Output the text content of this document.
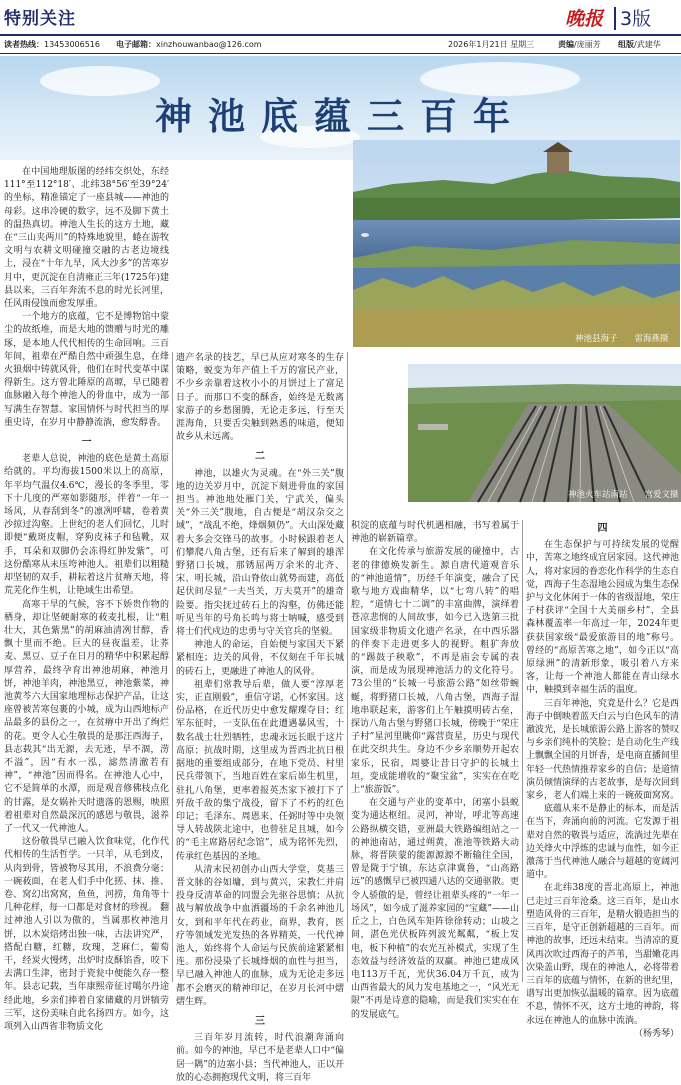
特别关注	晚报 3版
读者热线：13453006516 电子邮箱：xinzhouwanbao@126.com	2026年1月21日 星期三	责编/庞丽芳 组版/武建华
神池底蕴三百年
神池县海子　　雷海燕摄
神池火车站南站　　宫爱文摄

在中国地理版图的经纬交织处，东经111°至112°18′、北纬38°56′至39°24′的坐标，精准锚定了一座县城——神池的母彩。这串冷硬的数字，远不及脚下黄土的温热真切。神池人生长的这方土地，藏在“三山夹两川”的特殊地貌里，蜷在游牧文明与农耕文明碰撞交融的古老边境线上，浸在“十年九旱，风大沙多”的苦寒岁月中，更沉淀在自清雍正三年(1725年)建县以来，三百年奔流不息的时光长河里，任风雨侵蚀而愈发厚重。

一个地方的底蕴，它不是博物馆中蒙尘的故纸堆，而是大地的馈赠与时光的雕琢，是本地人代代相传的生命回响。三百年间，祖辈在严酷自然中顽强生息，在烽火狼烟中铸就风骨，他们在时代变革中谋得新生。这方曾北陲原的高塬，早已随着血脉融入每个神池人的骨血中，成为一部写满生存智慧、家国情怀与时代担当的厚重史诗，在岁月中静静流淌，愈发醇香。

一

老辈人总说，神池的底色是黄土高原给就的。平均海拔1500米以上的高原，年平均气温仅4.6℃，漫长的冬季里，零下十几度的严寒如影随形，伴着“一年一场风，从春刮到冬”的凛冽呼啸，卷着黄沙掠过沟壑。上世纪的老人们回忆，儿时即便“戴斑皮帽，穿狗皮袜子和毡靴，双手，耳朵和双脚仍会冻得红肿发紫”，可这份酷寒从未压垮神池人。祖辈们以粗糙却坚韧的双手，耕耘着这片贫瘠天地，将荒芜化作生机，让艳域生出希望。

高寒干旱的气候，容不下娇贵作物的栖身，却让坚硬耐寒的莜麦扎根，让“粗壮大，其色紫黑”的胡麻油清冽甘醇，香飘十里而不绝。巨大的昼夜温差，让荞麦、黑豆、豆子在日月的精华中积累起醇厚营养，最终孕育出神池胡麻，神池月饼，神池羊肉，神池黑豆，神池紫菜，神池黄芩六大国家地理标志保护产品，让这座曾被苦寒包裹的小城，成为山西地标产品最多的县份之一，在贫瘠中开出了绚烂的花。更令人心生敬畏的是那汪西海子，县志载其“出无源，去无迹，旱不涸，涝不溢”，因“有水一泓，滤然清澈若有神”，“神池”因而得名。在神池人心中，它不是简单的水潭，而是观音修佛枝点化的甘露，是女娲补天时遗落的恩赐，映照着祖辈对自然最深沉的感恩与敬畏，滋养了一代又一代神池人。

这份敬畏早已融入饮食味觉，化作代代相传的生活哲学。一只羊，从毛到皮，从肉到骨，皆被物尽其用，不浪费分毫；一碗莜面，在老人们手中化搓、抹、推、卷、窝幻出窝窝，鱼鱼，河捞，角角等十几种花样，每一口都是对食材的珍视。 翻过神池人引以为傲的，当属那枚神池月饼，以木炭焙烤出独一味，古法讲究严，搭配白糖，红糖，玫瑰，芝麻仁，葡萄干，经炭火慢烤，出炉时皮酥馅香，咬下去满口生津，密封于瓷瓮中便能久存一整年。县志记载，当年康熙帝征讨噶尔丹途经此地，乡亲们捧着自家储藏的月饼犒劳三军，这份美味自此名扬四方。如今，这项列入山西省非物质文化

遗产名录的技艺，早已从应对寒冬的生存策略，蜕变为年产值上千万的富民产业，不少乡亲靠着这枚小小的月饼过上了富足日子。而那口不变的酥香，始终是无数离家游子的乡愁图腾，无论走多远，行至天涯海角，只要舌尖触到熟悉的味道，便知故乡从未远离。

二

神池，以雄火为灵魂。在“外三关”腹地的边关岁月中，沉淀下刻进骨血的家国担当。神池地处雁门关，宁武关，偏头关“外三关”腹地，自古便是“胡汉杂交之域”，“战乱不绝，烽烟频仍”。大山深处藏着大多会交锋马的故事。小时候跟着老人们攀爬八角古堡，还有后来了解到的雄浑野猪口长城，那锈屈两万余米的北齐、宋、明长城，沿山脊依山就势而建，高低起伏间尽显“一夫当关，万夫莫开”的雄奇险要。指尖抚过砖石上的沟壑，仿佛还能听见当年的号角长鸣与将士呐喊，感受到将士们代戍边的忠勇与守关官兵的坚毅。

神池人的命运，自始便与家国天下紧紧相连；边关的风骨，不仅刻在千年长城的砖石上，更融进了神池人的风骨。

祖辈们常教导后辈，做人要“淳厚老实，正直刚毅”，重信守诺，心怀家国。这份品格，在近代历史中愈发耀璨夺目；红军东征时，一支队伍在此遭遇暴风雪，十数名战士壮烈牺牲，忠魂永远长眠于这片高原；抗战时期，这里成为晋西北抗日根据地的重要组成部分，在地下党员、村里民兵带领下，当地百姓在家后峁生机里，驻扎八角堡，更率着报英杰家下被打下了歼敌千敌的集宁战役，留下了不朽的红色印记；毛泽东、周恩来、任弼时等中央领导人转战陕北途中，也曾驻足且城，如今的“毛主席路居纪念馆”，成为铭怀先烈，传承红色基因的圣地。

从清末民初创办山西大学堂，莫基三晋文脉的谷如墉，到与黄兴，宋教仁并肩投身反清革命的同盟会先驱谷思慎；从抗战与解放战争中血洒疆场的千余名神池儿女，到和平年代在药业，商界，教育，医疗等领域发光发热的各界精英，一代代神池人，始终将个人命运与民族前途紧紧相连。那份浸染了长城烽烟的血性与担当，早已融入神池人的血脉，成为无论走多远都不会磨灭的精神印记，在岁月长河中熠熠生辉。

三

三百年岁月流转，时代浪潮奔涌向前。如今的神池，早已不是老辈人口中“偏居一隅”的边塞小县；当代神池人，正以开放的心态拥抱现代文明，将三百年

积淀的底蕴与时代机遇相融，书写着属于神池的崭新篇章。

在文化传承与旅游发展的碰撞中，古老的律德焕发新生。源自唐代道观音乐的“神池道情”，历经千年演变，融合了民歌与地方戏曲精华，以“七弯八转”的唱腔，“道情七十二调”的丰富曲牌，演绎着苍凉悲悯的人间故事，如今已入选第三批国家级非物质文化遗产名录，在中西乐器的伴奏下走进更多人的视野。粗犷奔放的“踢鼓子秧歌”，不再是庙会专属的表演，而是成为展现神池活力的文化符号。73公里的“长城一号旅游公路”如丝带蜿蜒，将野猪口长城，八角古堡，西海子湿地串联起来，游客们上午触摸明砖古垒，探访八角古堡与野猪口长城，傍晚于“荣庄子村”星河里眺仰“露营资星，历史与现代在此交织共生。身边不少乡亲顺势开起农家乐，民宿，周婆让昔日守护的长城土垣，变成能增收的“聚宝盆”，实实在在吃上“旅游饭”。

在交通与产业的变革中，闭塞小县蜕变为通达枢纽。灵河，神岢，呼北等高速公路纵横交错，亚洲最大铁路编组站之一的神池南站，通过朔黄，准池等铁路大动脉，将晋陕蒙的能源源源不断输往全国，曾是陇于宁镇，东达京津冀鲁，“山高路远”的感慨早已被四通八达的交通驱散。更令人骄傲的是，曾经让祖辈头疼的“一年一场风”，如今成了滋养家园的“宝藏”——山丘之上，白色风车矩阵徐徐转动；山坡之间，湛色光伏板阵列波光粼粼，“板上发电，板下种植”的农光互补模式，实现了生态效益与经济效益的双赢。神池已建成风电113万千瓦，光伏36.04万千瓦，成为山西省最大的风力发电基地之一，“风光无限”不再是诗意的隐喻，而是我们实实在在的发展底气。

四

在生态保护与可持续发展的觉醒中，苦寒之地终成宜居家园。这代神池人，将对家园的眷恋化作科学的生态自觉，西海子生态湿地公园成为集生态保护与文化休闲于一体的省级湿地，荣庄子村获评“全国十大美丽乡村”，全县森林覆盖率一年高过一年，2024年更获获国家级“最爱旅游目的地”称号。曾经的“高原苦寒之地”，如今正以“高原绿洲”的清新形象，吸引着八方来客，让每一个神池人都能在青山绿水中，触摸到幸福生活的温度。

三百年神池，究竟是什么？它是西海子中倒映着蓝天白云与白色风车的清澈波光，是长城旅游公路上游客的赞叹与乡亲们纯朴的笑脸；是自动化生产线上飘飘全国的月饼香，是电商直播间里年轻一代热情推荐家乡的自信；是道情演员倾情演绎的古老故事，是每次回到家乡，老人们端上来的一碗莜面窝窝。

底蕴从来不是静止的标本，而是活在当下，奔涌向前的河流。它发源于祖辈对自然的敬畏与适应，流淌过先辈在边关烽火中浮炼的忠诚与血性，如今正激荡于当代神池人融合与超越的宽阔河道中。

在北纬38度的晋北高原上，神池已走过三百年沧桑。这三百年，是山水塑造风骨的三百年，是精火锻造担当的三百年，是守正创新超越的三百年。而神池的故事，还远未结束。当清凉的夏风再次吹过西海子的芦苇，当甜嫩花再次染盖山野，现在的神池人，必将带着三百年的底蕴与情怀，在新的世纪里，谱写出更加恢弘温暖的篇章。因为底蕴不息，情怀不灭，这方土地的神韵，将永远在神池人的血脉中流淌。

（杨秀琴）
